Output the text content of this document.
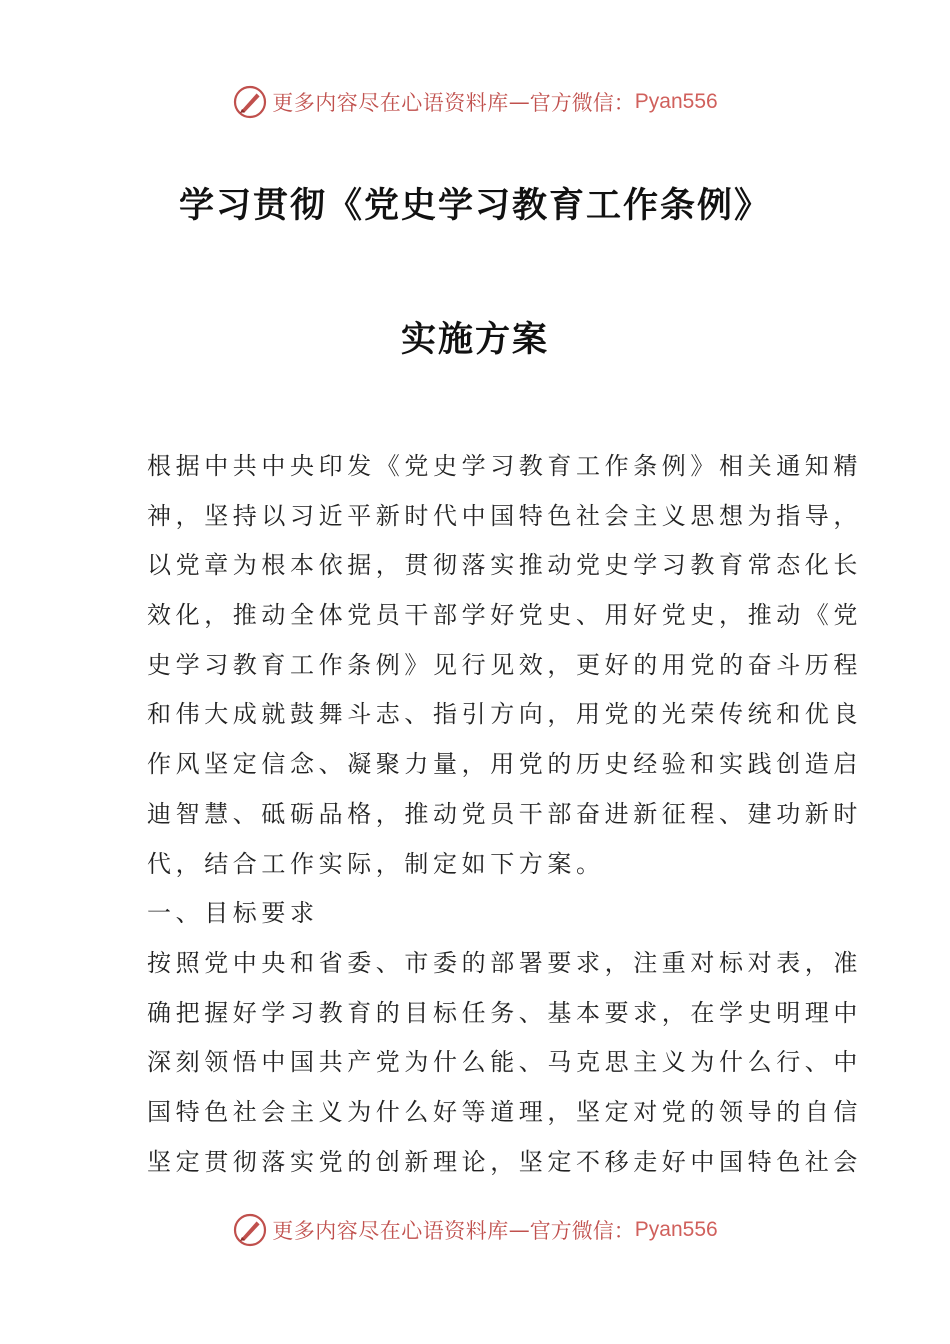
更多内容尽在心语资料库 — 官方微信： Pyan556
学习贯彻《党史学习教育工作条例》
实施方案
根据中共中央印发《党史学习教育工作条例》相关通知精
神，坚持以习近平新时代中国特色社会主义思想为指导，
以党章为根本依据，贯彻落实推动党史学习教育常态化长
效化，推动全体党员干部学好党史、用好党史，推动《党
史学习教育工作条例》见行见效，更好的用党的奋斗历程
和伟大成就鼓舞斗志、指引方向，用党的光荣传统和优良
作风坚定信念、凝聚力量，用党的历史经验和实践创造启
迪智慧、砥砺品格，推动党员干部奋进新征程、建功新时
代，结合工作实际，制定如下方案。
一、目标要求
按照党中央和省委、市委的部署要求，注重对标对表，准
确把握好学习教育的目标任务、基本要求，在学史明理中
深刻领悟中国共产党为什么能、马克思主义为什么行、中
国特色社会主义为什么好等道理，坚定对党的领导的自信
坚定贯彻落实党的创新理论，坚定不移走好中国特色社会
更多内容尽在心语资料库 — 官方微信： Pyan556
